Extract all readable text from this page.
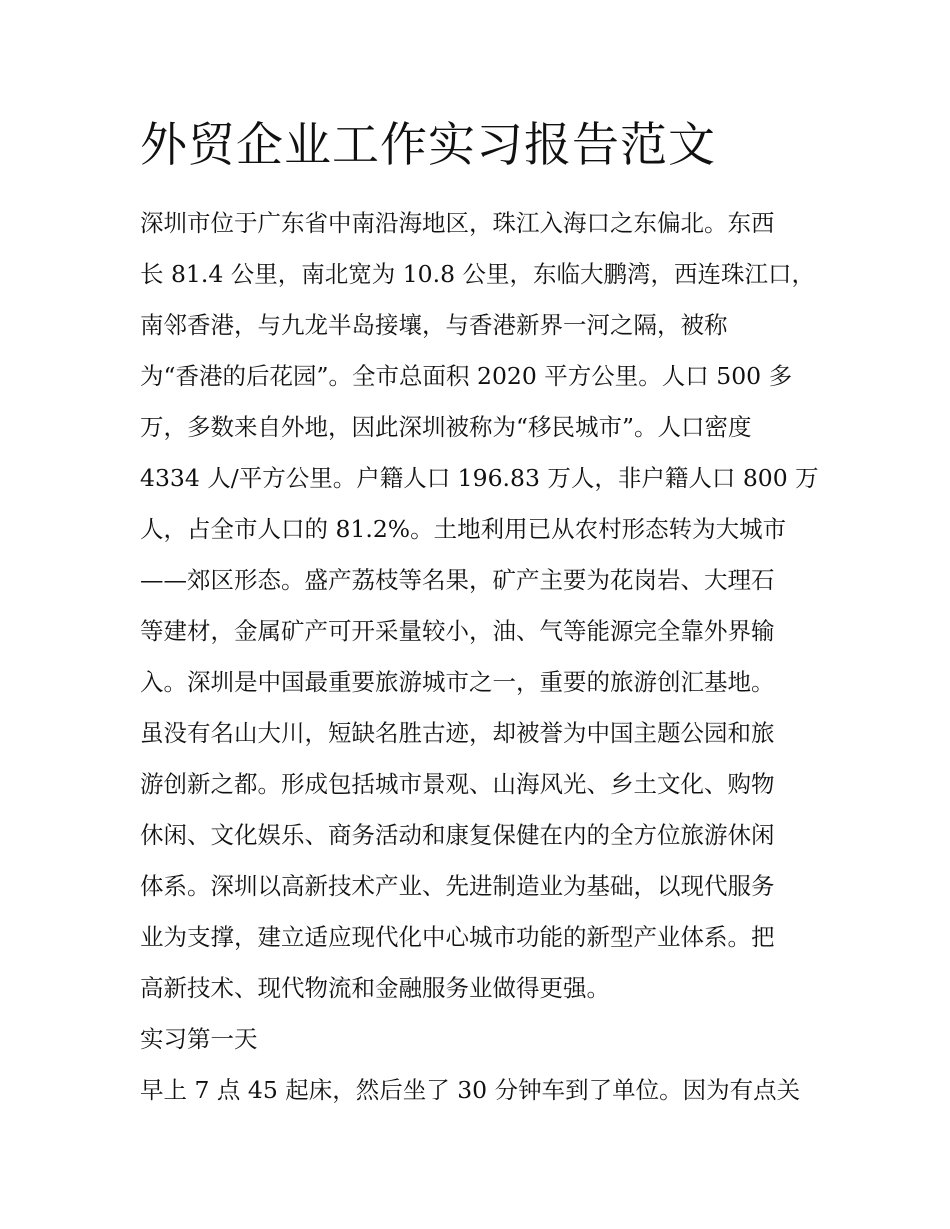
外贸企业工作实习报告范文

深圳市位于广东省中南沿海地区，珠江入海口之东偏北。东西

长 81.4 公里，南北宽为 10.8 公里，东临大鹏湾，西连珠江口，

南邻香港，与九龙半岛接壤，与香港新界一河之隔，被称

为“香港的后花园”。全市总面积 2020 平方公里。人口 500 多

万，多数来自外地，因此深圳被称为“移民城市”。人口密度

4334 人/平方公里。户籍人口 196.83 万人，非户籍人口 800 万

人，占全市人口的 81.2%。土地利用已从农村形态转为大城市

——郊区形态。盛产荔枝等名果，矿产主要为花岗岩、大理石

等建材，金属矿产可开采量较小，油、气等能源完全靠外界输

入。深圳是中国最重要旅游城市之一，重要的旅游创汇基地。

虽没有名山大川，短缺名胜古迹，却被誉为中国主题公园和旅

游创新之都。形成包括城市景观、山海风光、乡土文化、购物

休闲、文化娱乐、商务活动和康复保健在内的全方位旅游休闲

体系。深圳以高新技术产业、先进制造业为基础，以现代服务

业为支撑，建立适应现代化中心城市功能的新型产业体系。把

高新技术、现代物流和金融服务业做得更强。

实习第一天

早上 7 点 45 起床，然后坐了 30 分钟车到了单位。因为有点关
